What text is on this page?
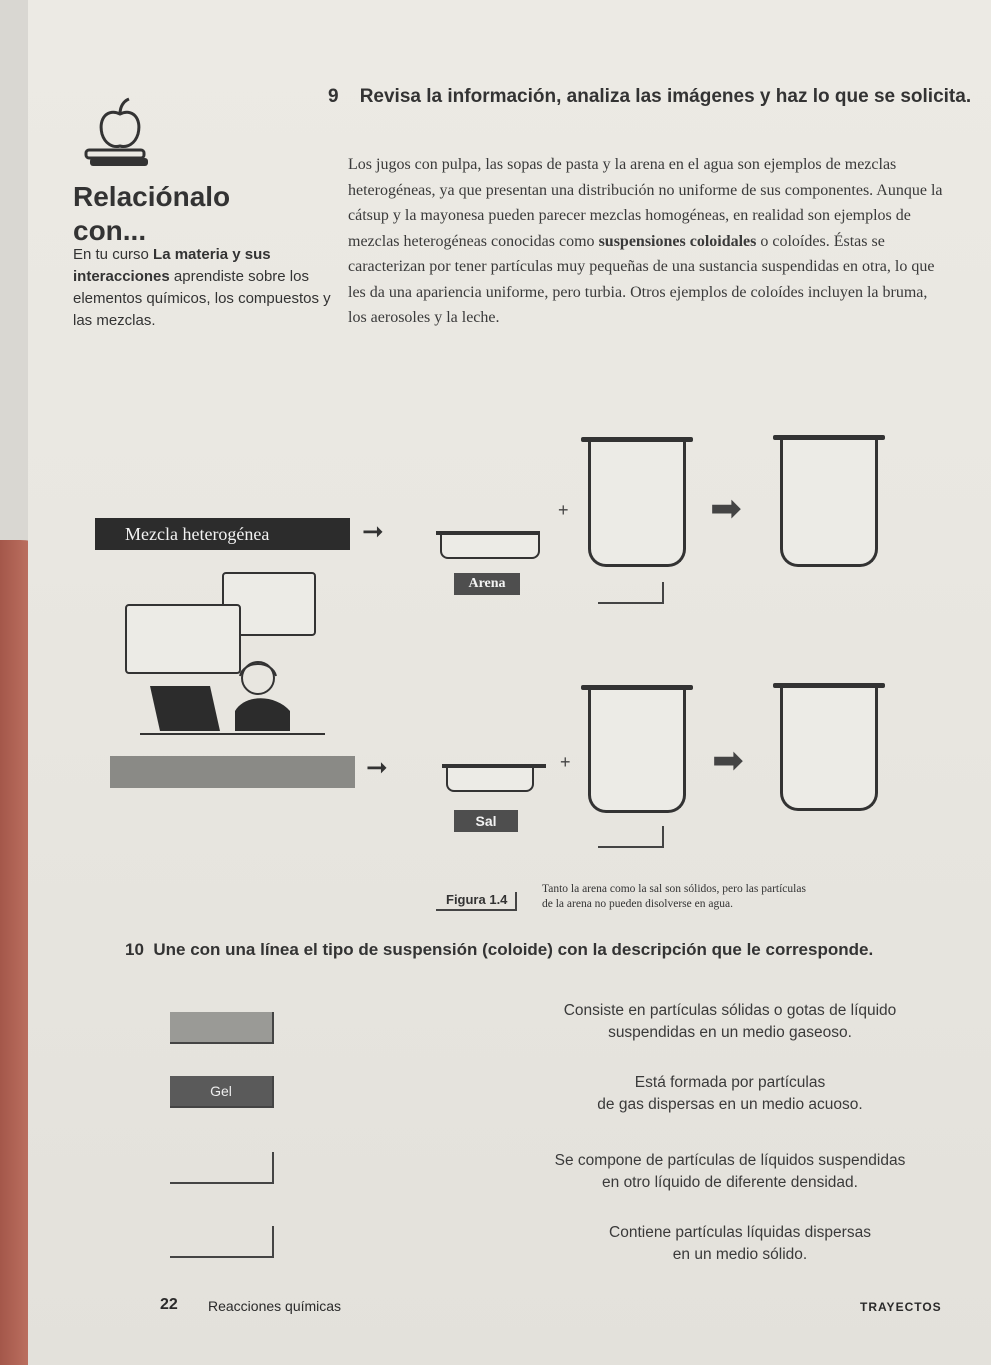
9 Revisa la información, analiza las imágenes y haz lo que se solicita.
Relaciónalo
con...
En tu curso La materia y sus interacciones aprendiste sobre los elementos químicos, los compuestos y las mezclas.
Los jugos con pulpa, las sopas de pasta y la arena en el agua son ejemplos de mezclas heterogéneas, ya que presentan una distribución no uniforme de sus componentes. Aunque la cátsup y la mayonesa pueden parecer mezclas homogéneas, en realidad son ejemplos de mezclas heterogéneas conocidas como suspensiones coloidales o coloídes. Éstas se caracterizan por tener partículas muy pequeñas de una sustancia suspendidas en otra, lo que les da una apariencia uniforme, pero turbia. Otros ejemplos de coloídes incluyen la bruma, los aerosoles y la leche.
Mezcla heterogénea	➞
Arena
+	➡
➞
Sal
+	➡
Figura 1.4
Tanto la arena como la sal son sólidos, pero las partículas
de la arena no pueden disolverse en agua.
10 Une con una línea el tipo de suspensión (coloide) con la descripción que le corresponde.
Consiste en partículas sólidas o gotas de líquido
suspendidas en un medio gaseoso.
Gel	Está formada por partículas
de gas dispersas en un medio acuoso.
Se compone de partículas de líquidos suspendidas
en otro líquido de diferente densidad.
Contiene partículas líquidas dispersas
en un medio sólido.
22 Reacciones químicas	TRAYECTOS
